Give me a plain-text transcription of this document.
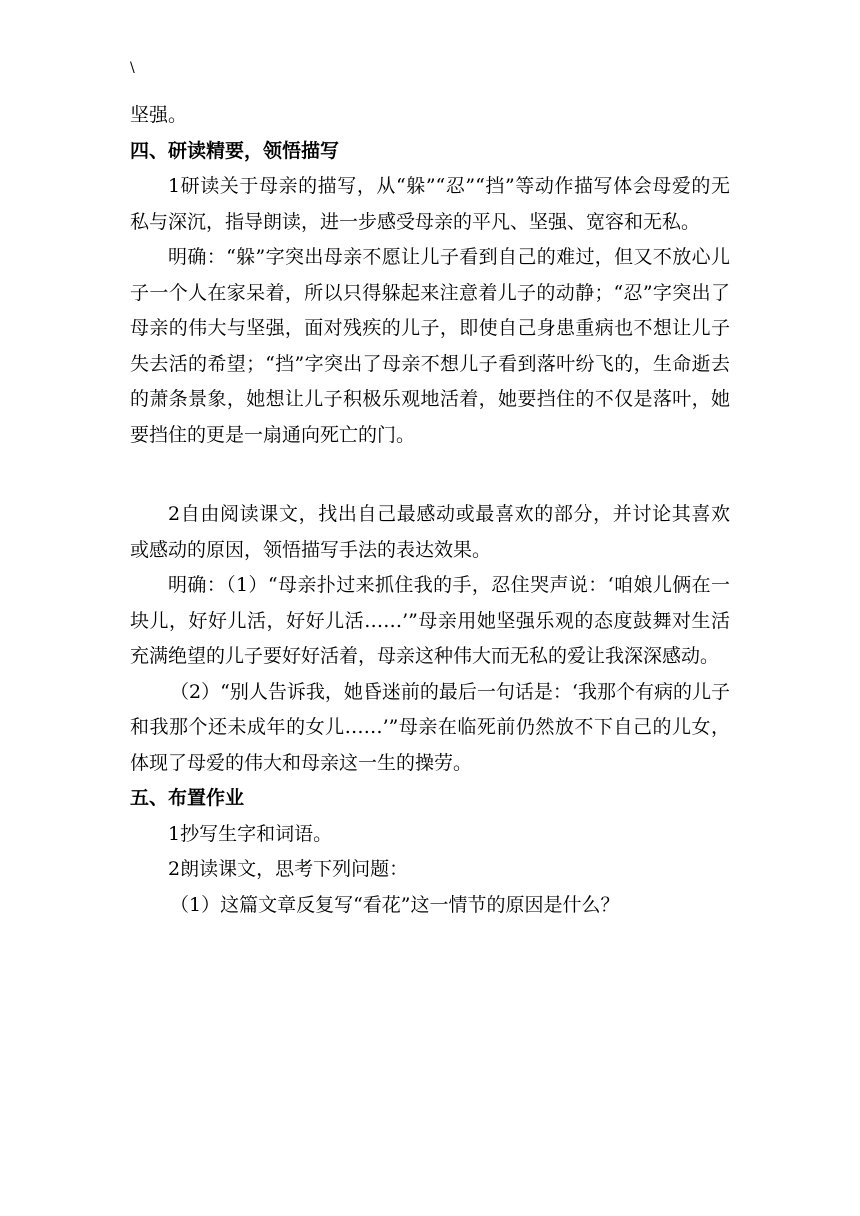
\

坚强。

四、研读精要，领悟描写

1研读关于母亲的描写，从“躲”“忍”“挡”等动作描写体会母爱的无私与深沉，指导朗读，进一步感受母亲的平凡、坚强、宽容和无私。

明确：“躲”字突出母亲不愿让儿子看到自己的难过，但又不放心儿子一个人在家呆着，所以只得躲起来注意着儿子的动静；“忍”字突出了母亲的伟大与坚强，面对残疾的儿子，即使自己身患重病也不想让儿子失去活的希望；“挡”字突出了母亲不想儿子看到落叶纷飞的，生命逝去的萧条景象，她想让儿子积极乐观地活着，她要挡住的不仅是落叶，她要挡住的更是一扇通向死亡的门。

2自由阅读课文，找出自己最感动或最喜欢的部分，并讨论其喜欢或感动的原因，领悟描写手法的表达效果。

明确：（1）“母亲扑过来抓住我的手，忍住哭声说：‘咱娘儿俩在一块儿，好好儿活，好好儿活……’”母亲用她坚强乐观的态度鼓舞对生活充满绝望的儿子要好好活着，母亲这种伟大而无私的爱让我深深感动。

（2）“别人告诉我，她昏迷前的最后一句话是：‘我那个有病的儿子和我那个还未成年的女儿……’”母亲在临死前仍然放不下自己的儿女，体现了母爱的伟大和母亲这一生的操劳。

五、布置作业

1抄写生字和词语。

2朗读课文，思考下列问题：

（1）这篇文章反复写“看花”这一情节的原因是什么？
